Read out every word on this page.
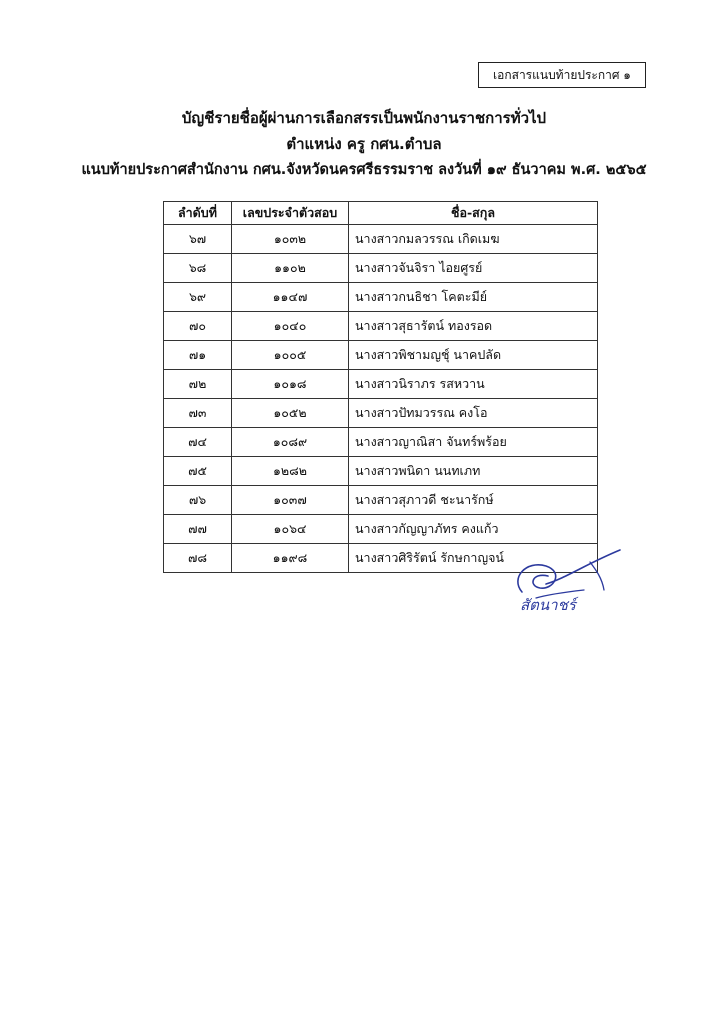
เอกสารแนบท้ายประกาศ ๑
บัญชีรายชื่อผู้ผ่านการเลือกสรรเป็นพนักงานราชการทั่วไป
ตำแหน่ง ครู กศน.ตำบล
แนบท้ายประกาศสำนักงาน กศน.จังหวัดนครศรีธรรมราช ลงวันที่ ๑๙ ธันวาคม พ.ศ. ๒๕๖๕
ลำดับที่	เลขประจำตัวสอบ	ชื่อ-สกุล
๖๗	๑๐๓๒	นางสาวกมลวรรณ เกิดเมฆ
๖๘	๑๑๐๒	นางสาวจันจิรา ไอยศูรย์
๖๙	๑๑๔๗	นางสาวกนธิชา โคตะมีย์
๗๐	๑๐๔๐	นางสาวสุธารัตน์ ทองรอด
๗๑	๑๐๐๕	นางสาวพิชามญชุ์ นาคปลัด
๗๒	๑๐๑๘	นางสาวนิราภร รสหวาน
๗๓	๑๐๕๒	นางสาวปัทมวรรณ คงโอ
๗๔	๑๐๘๙	นางสาวญาณิสา จันทร์พร้อย
๗๕	๑๒๘๒	นางสาวพนิดา นนทเภท
๗๖	๑๐๓๗	นางสาวสุภาวดี ชะนารักษ์
๗๗	๑๐๖๔	นางสาวกัญญาภัทร คงแก้ว
๗๘	๑๑๙๘	นางสาวศิริรัตน์ รักษกาญจน์
สัตนาชร์
